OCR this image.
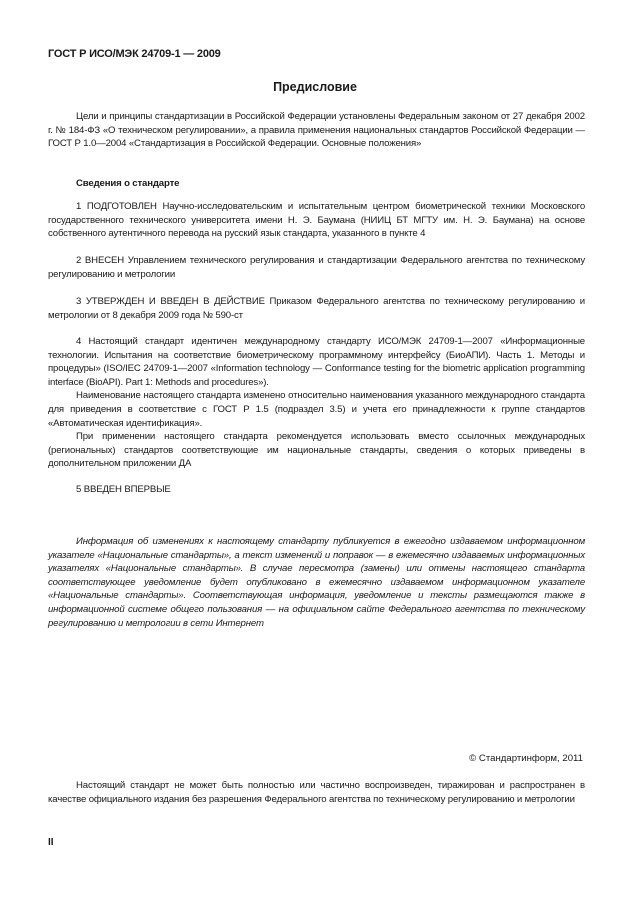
ГОСТ Р ИСО/МЭК 24709-1 — 2009
Предисловие

Цели и принципы стандартизации в Российской Федерации установлены Федеральным законом от 27 декабря 2002 г. № 184-ФЗ «О техническом регулировании», а правила применения национальных стандартов Российской Федерации — ГОСТ Р 1.0—2004 «Стандартизация в Российской Федерации. Основные положения»

Сведения о стандарте

1 ПОДГОТОВЛЕН Научно-исследовательским и испытательным центром биометрической техники Московского государственного технического университета имени Н. Э. Баумана (НИИЦ БТ МГТУ им. Н. Э. Баумана) на основе собственного аутентичного перевода на русский язык стандарта, указанного в пункте 4

2 ВНЕСЕН Управлением технического регулирования и стандартизации Федерального агентства по техническому регулированию и метрологии

3 УТВЕРЖДЕН И ВВЕДЕН В ДЕЙСТВИЕ Приказом Федерального агентства по техническому регулированию и метрологии от 8 декабря 2009 года № 590-ст

4 Настоящий стандарт идентичен международному стандарту ИСО/МЭК 24709-1—2007 «Информационные технологии. Испытания на соответствие биометрическому программному интерфейсу (БиоАПИ). Часть 1. Методы и процедуры» (ISO/IEC 24709-1—2007 «Information technology — Conformance testing for the biometric application programming interface (BioAPI). Part 1: Methods and procedures»).

Наименование настоящего стандарта изменено относительно наименования указанного международного стандарта для приведения в соответствие с ГОСТ Р 1.5 (подраздел 3.5) и учета его принадлежности к группе стандартов «Автоматическая идентификация».

При применении настоящего стандарта рекомендуется использовать вместо ссылочных международных (региональных) стандартов соответствующие им национальные стандарты, сведения о которых приведены в дополнительном приложении ДА

5 ВВЕДЕН ВПЕРВЫЕ

Информация об изменениях к настоящему стандарту публикуется в ежегодно издаваемом информационном указателе «Национальные стандарты», а текст изменений и поправок — в ежемесячно издаваемых информационных указателях «Национальные стандарты». В случае пересмотра (замены) или отмены настоящего стандарта соответствующее уведомление будет опубликовано в ежемесячно издаваемом информационном указателе «Национальные стандарты». Соответствующая информация, уведомление и тексты размещаются также в информационной системе общего пользования — на официальном сайте Федерального агентства по техническому регулированию и метрологии в сети Интернет

© Стандартинформ, 2011

Настоящий стандарт не может быть полностью или частично воспроизведен, тиражирован и распространен в качестве официального издания без разрешения Федерального агентства по техническому регулированию и метрологии

II
